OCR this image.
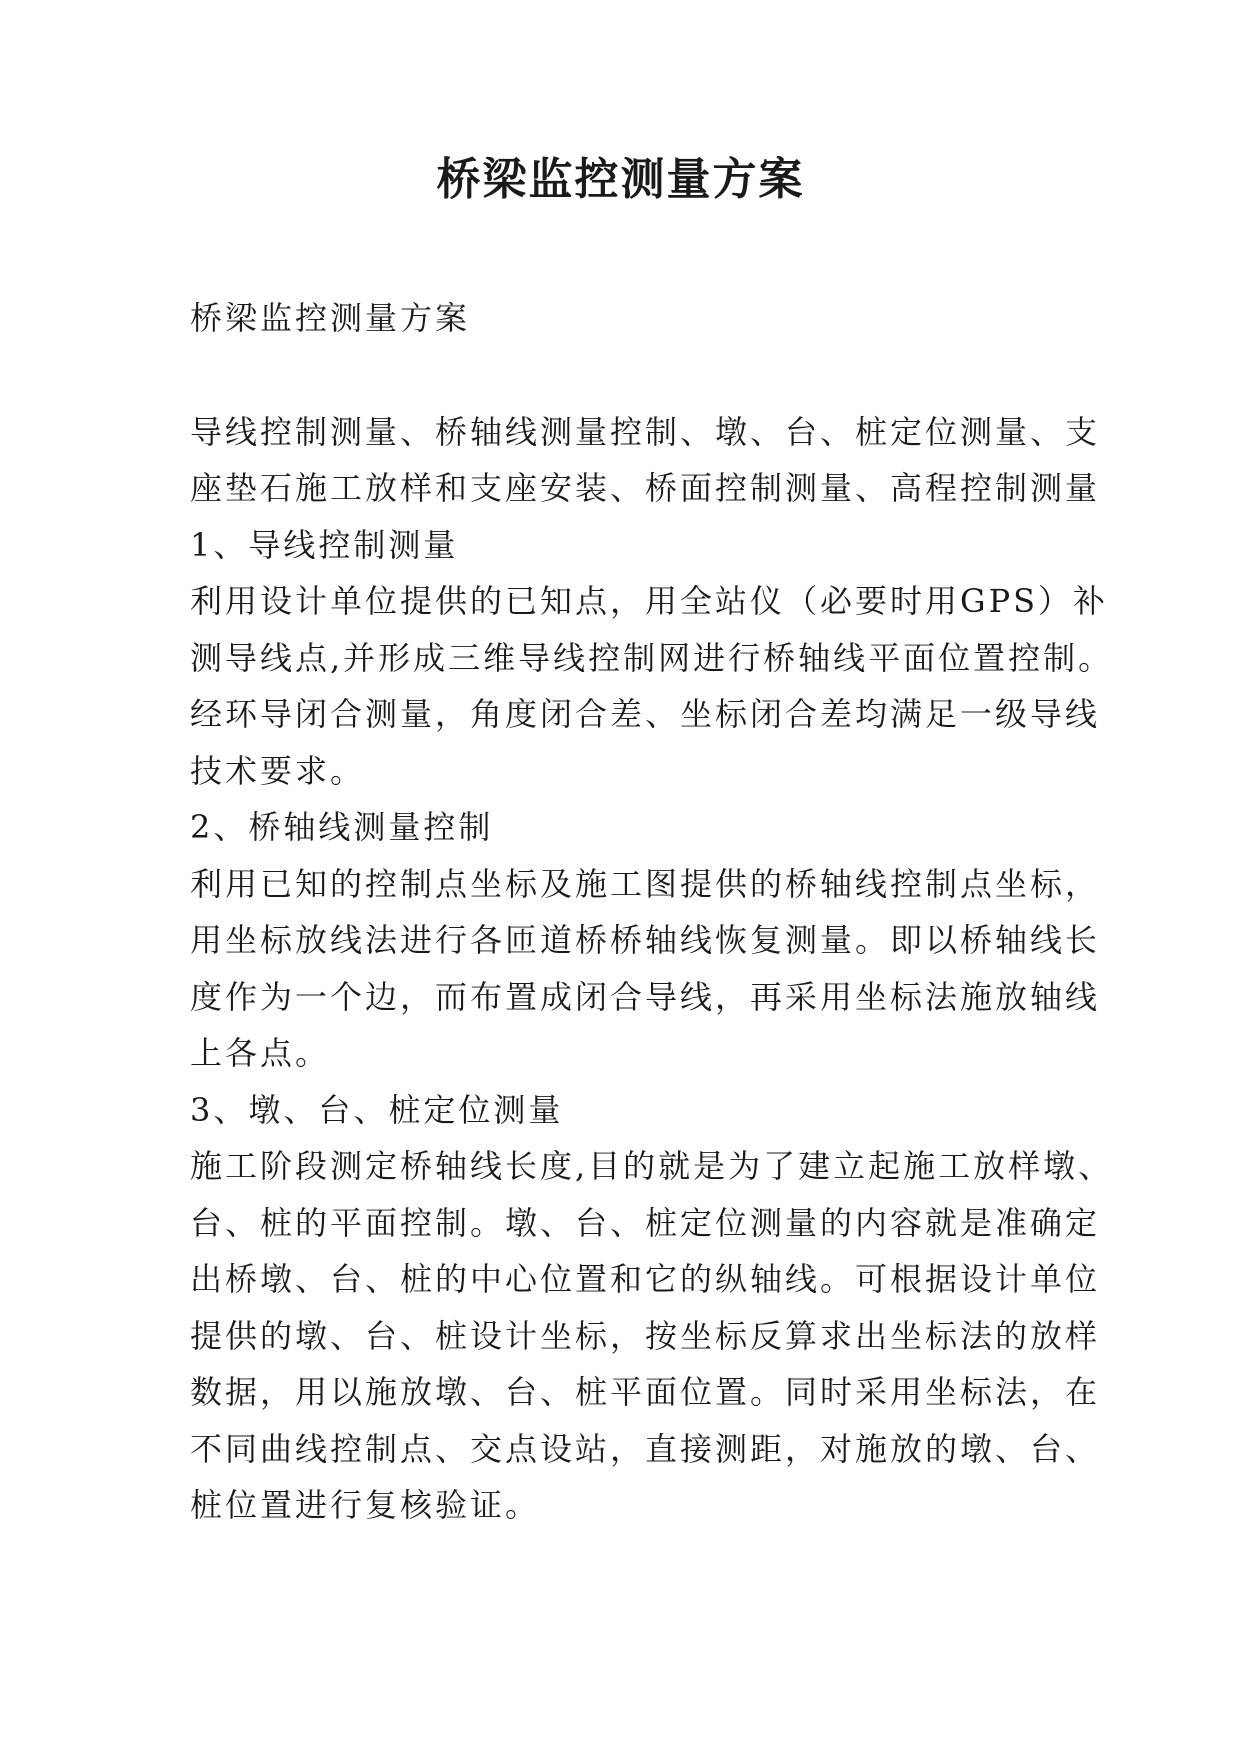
桥梁监控测量方案

桥梁监控测量方案

导线控制测量、桥轴线测量控制、墩、台、桩定位测量、支

座垫石施工放样和支座安装、桥面控制测量、高程控制测量

1、导线控制测量

利用设计单位提供的已知点，用全站仪（必要时用GPS）补

测导线点,并形成三维导线控制网进行桥轴线平面位置控制。

经环导闭合测量，角度闭合差、坐标闭合差均满足一级导线

技术要求。

2、桥轴线测量控制

利用已知的控制点坐标及施工图提供的桥轴线控制点坐标，

用坐标放线法进行各匝道桥桥轴线恢复测量。即以桥轴线长

度作为一个边，而布置成闭合导线，再采用坐标法施放轴线

上各点。

3、墩、台、桩定位测量

施工阶段测定桥轴线长度,目的就是为了建立起施工放样墩、

台、桩的平面控制。墩、台、桩定位测量的内容就是准确定

出桥墩、台、桩的中心位置和它的纵轴线。可根据设计单位

提供的墩、台、桩设计坐标，按坐标反算求出坐标法的放样

数据，用以施放墩、台、桩平面位置。同时采用坐标法，在

不同曲线控制点、交点设站，直接测距，对施放的墩、台、

桩位置进行复核验证。
